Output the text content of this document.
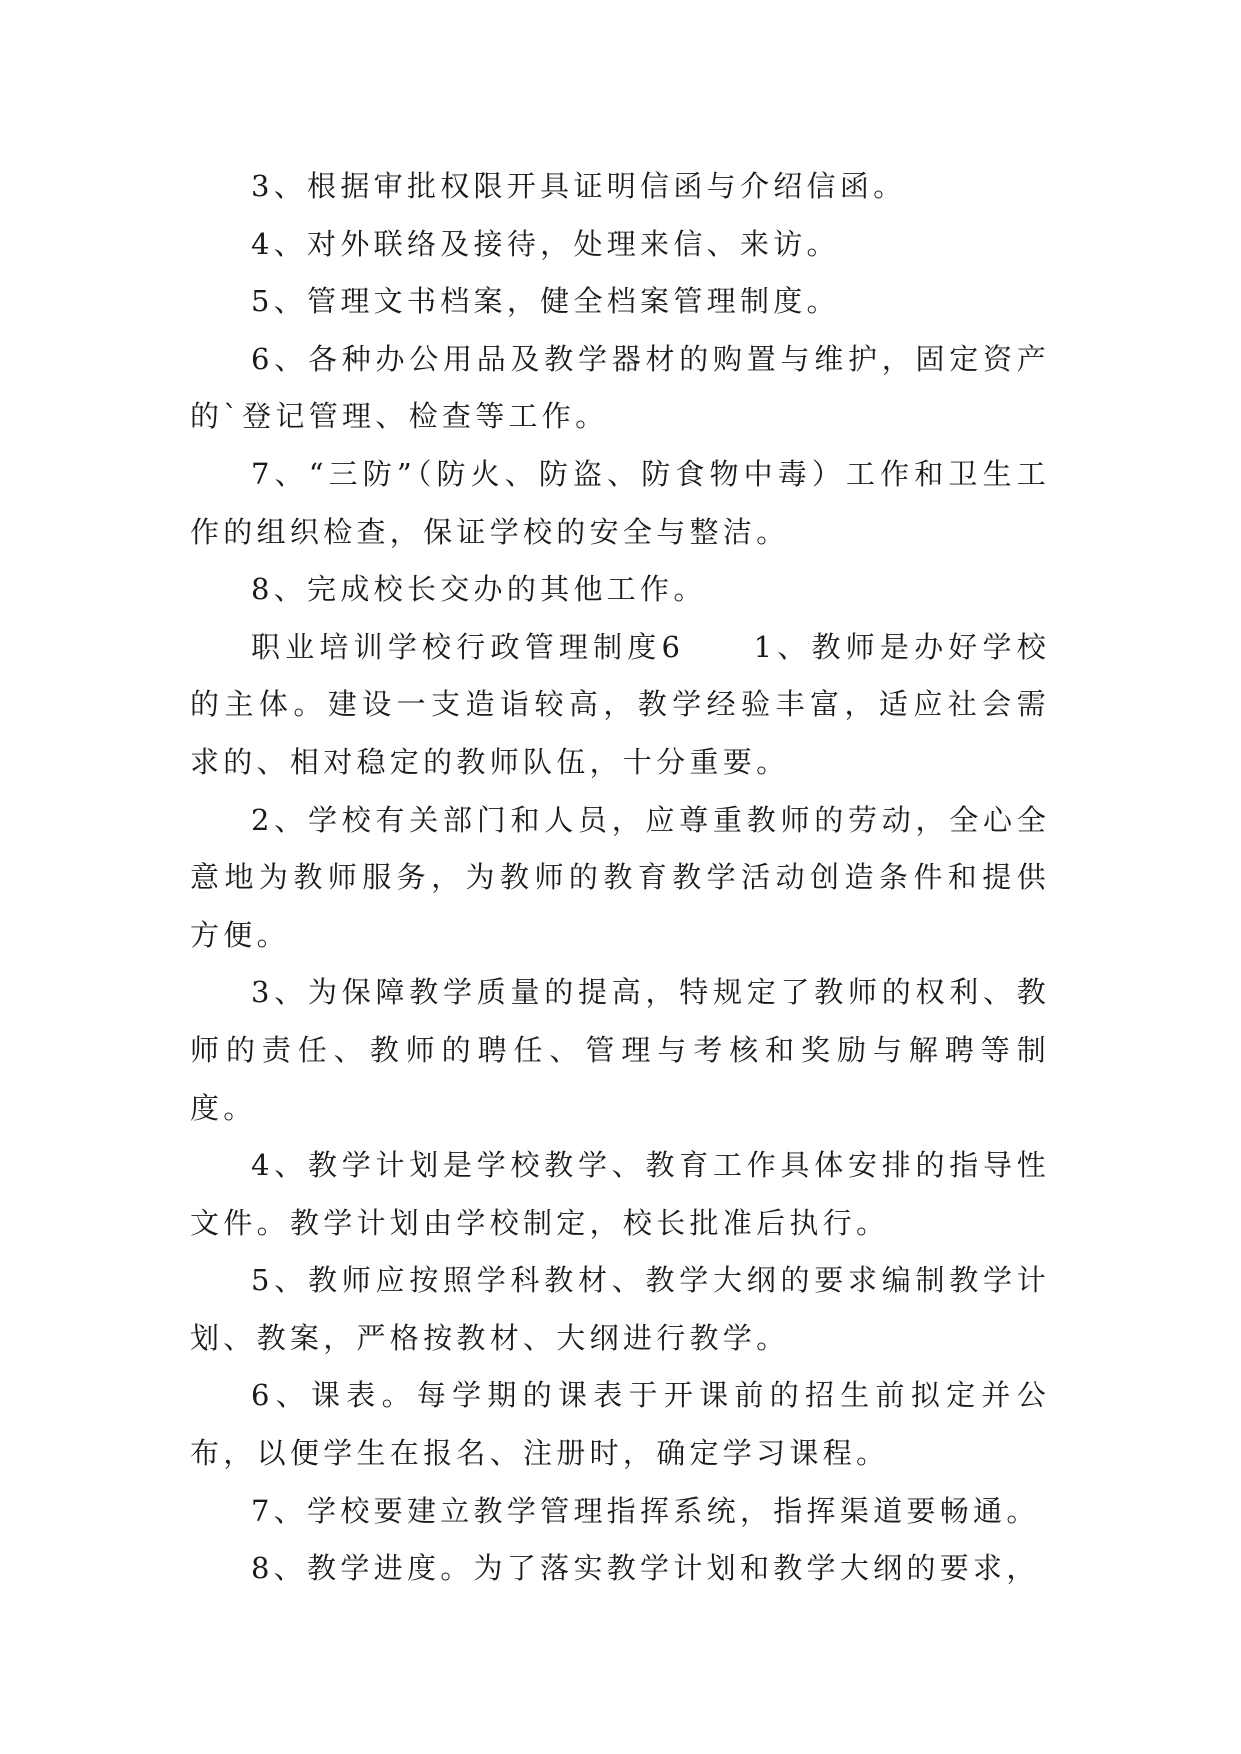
3、根据审批权限开具证明信函与介绍信函。

4、对外联络及接待，处理来信、来访。

5、管理文书档案，健全档案管理制度。

6、各种办公用品及教学器材的购置与维护，固定资产的`登记管理、检查等工作。

7、“三防”（防火、防盗、防食物中毒）工作和卫生工作的组织检查，保证学校的安全与整洁。

8、完成校长交办的其他工作。

职业培训学校行政管理制度6　　1、教师是办好学校的主体。建设一支造诣较高，教学经验丰富，适应社会需求的、相对稳定的教师队伍，十分重要。

2、学校有关部门和人员，应尊重教师的劳动，全心全意地为教师服务，为教师的教育教学活动创造条件和提供方便。

3、为保障教学质量的提高，特规定了教师的权利、教师的责任、教师的聘任、管理与考核和奖励与解聘等制度。

4、教学计划是学校教学、教育工作具体安排的指导性文件。教学计划由学校制定，校长批准后执行。

5、教师应按照学科教材、教学大纲的要求编制教学计划、教案，严格按教材、大纲进行教学。

6、课表。每学期的课表于开课前的招生前拟定并公布，以便学生在报名、注册时，确定学习课程。

7、学校要建立教学管理指挥系统，指挥渠道要畅通。

8、教学进度。为了落实教学计划和教学大纲的要求，
